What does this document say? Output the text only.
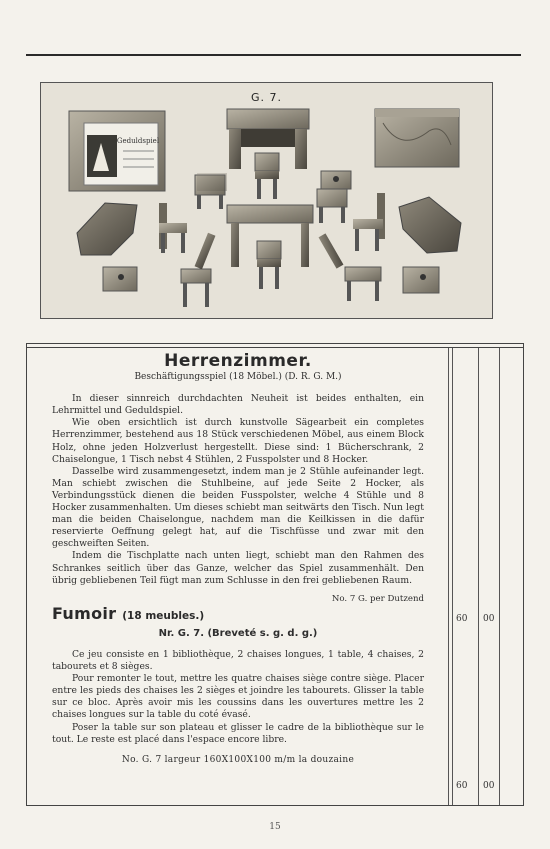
G. 7.
Geduldspiel
Herrenzimmer.
Beschäftigungsspiel (18 Möbel.) (D. R. G. M.)

In dieser sinnreich durchdachten Neuheit ist beides enthalten, ein Lehrmittel und Geduldspiel.

Wie oben ersichtlich ist durch kunstvolle Sägearbeit ein completes Herrenzimmer, bestehend aus 18 Stück verschiedenen Möbel, aus einem Block Holz, ohne jeden Holzverlust hergestellt. Diese sind: 1 Bücherschrank, 2 Chaiselongue, 1 Tisch nebst 4 Stühlen, 2 Fusspolster und 8 Hocker.

Dasselbe wird zusammengesetzt, indem man je 2 Stühle aufeinander legt. Man schiebt zwischen die Stuhlbeine, auf jede Seite 2 Hocker, als Verbindungsstück dienen die beiden Fusspolster, welche 4 Stühle und 8 Hocker zusammenhalten. Um dieses schiebt man seitwärts den Tisch. Nun legt man die beiden Chaiselongue, nachdem man die Keilkissen in die dafür reservierte Oeffnung gelegt hat, auf die Tischfüsse und zwar mit den geschweiften Seiten.

Indem die Tischplatte nach unten liegt, schiebt man den Rahmen des Schrankes seitlich über das Ganze, welcher das Spiel zusammenhält. Den übrig gebliebenen Teil fügt man zum Schlusse in den frei gebliebenen Raum.

No. 7 G. per Dutzend
Fumoir (18 meubles.)
Nr. G. 7. (Breveté s. g. d. g.)

Ce jeu consiste en 1 bibliothèque, 2 chaises longues, 1 table, 4 chaises, 2 tabourets et 8 sièges.

Pour remonter le tout, mettre les quatre chaises siège contre siège. Placer entre les pieds des chaises les 2 sièges et joindre les tabourets. Glisser la table sur ce bloc. Après avoir mis les coussins dans les ouvertures mettre les 2 chaises longues sur la table du coté évasé.

Poser la table sur son plateau et glisser le cadre de la bibliothèque sur le tout. Le reste est placé dans l'espace encore libre.

No. G. 7 largeur 160X100X100 m/m la douzaine
60 00
60 00
15
